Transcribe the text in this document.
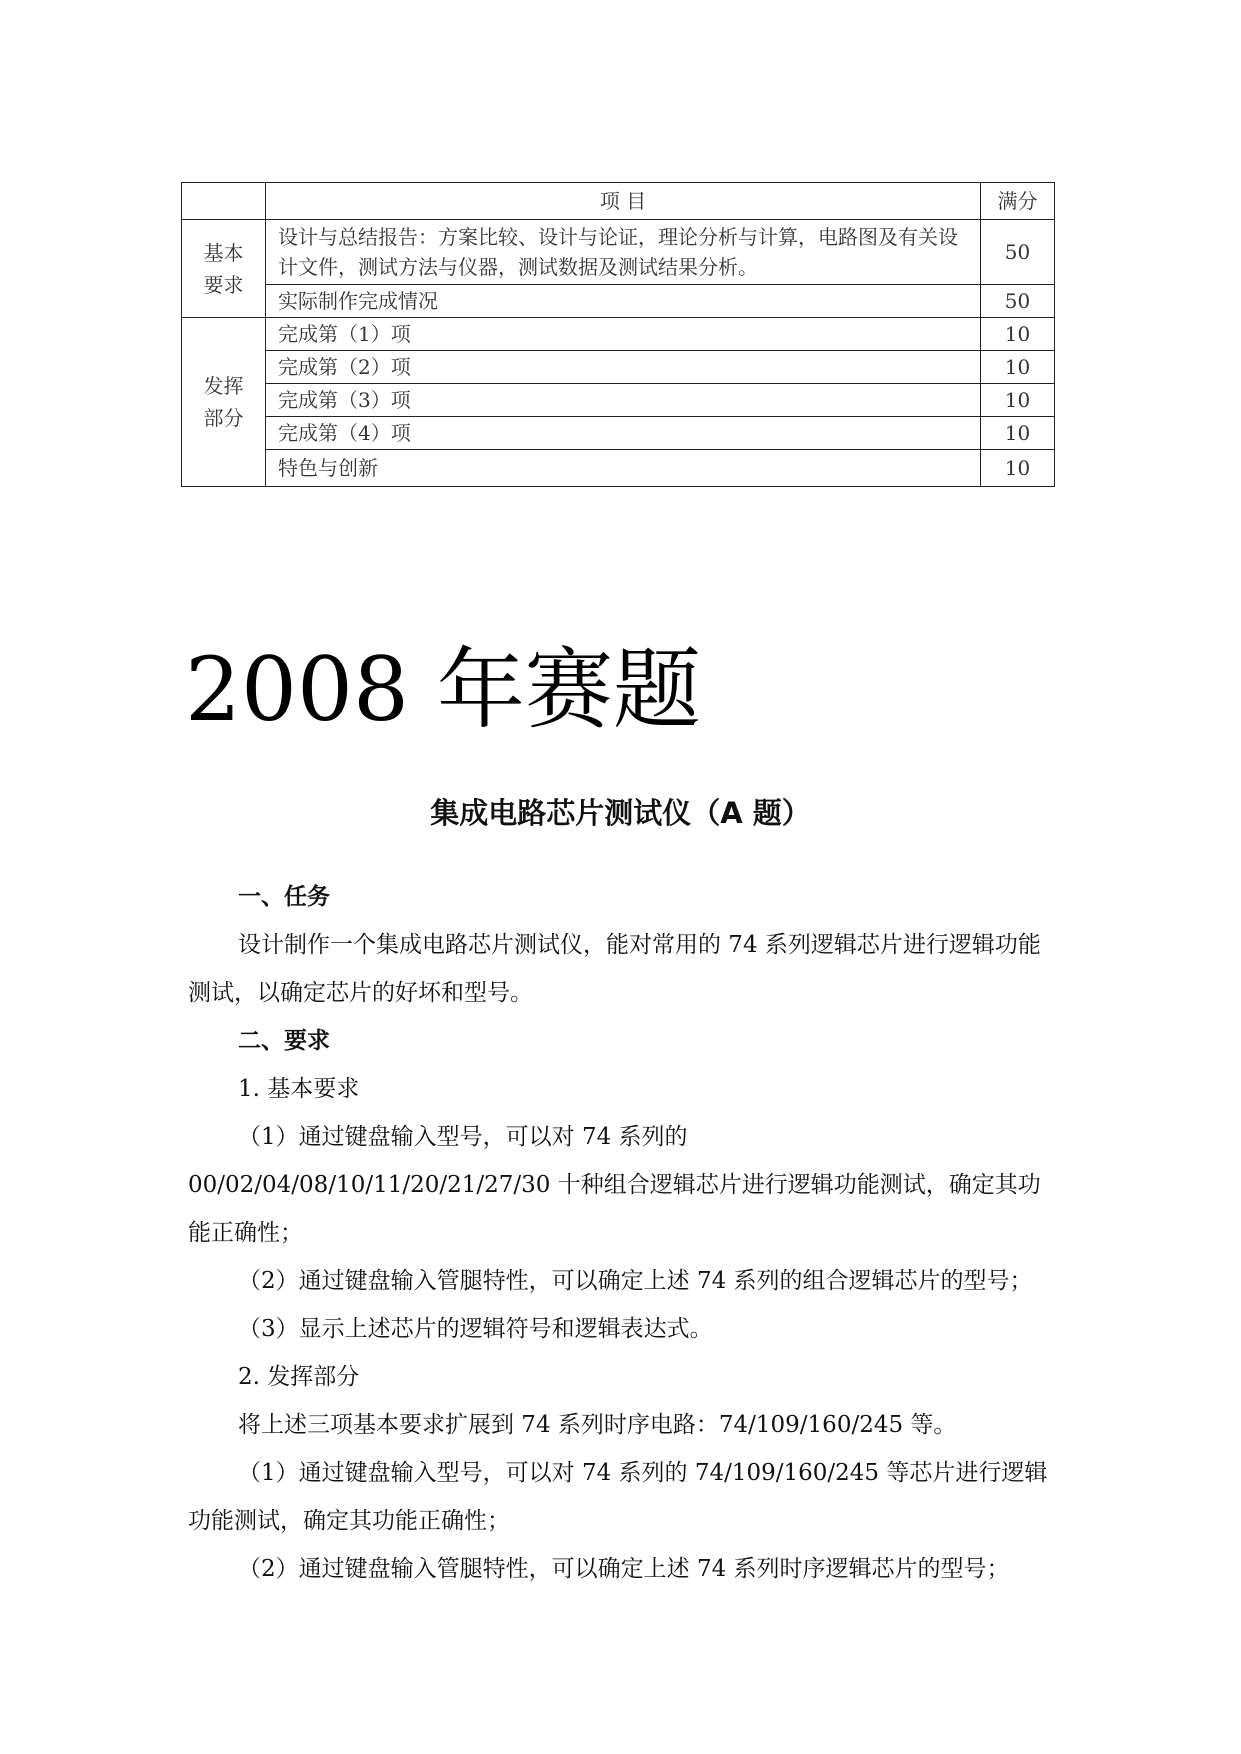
	项 目	满分
基本
要求	设计与总结报告：方案比较、设计与论证，理论分析与计算，电路图及有关设计文件，测试方法与仪器，测试数据及测试结果分析。	50
	实际制作完成情况	50
发挥
部分	完成第（1）项	10
	完成第（2）项	10
	完成第（3）项	10
	完成第（4）项	10
	特色与创新	10
2008 年赛题
集成电路芯片测试仪（A 题）

一、任务

设计制作一个集成电路芯片测试仪，能对常用的 74 系列逻辑芯片进行逻辑功能测试，以确定芯片的好坏和型号。

二、要求

1. 基本要求

（1）通过键盘输入型号，可以对 74 系列的

00/02/04/08/10/11/20/21/27/30 十种组合逻辑芯片进行逻辑功能测试，确定其功能正确性；

（2）通过键盘输入管腿特性，可以确定上述 74 系列的组合逻辑芯片的型号；

（3）显示上述芯片的逻辑符号和逻辑表达式。

2. 发挥部分

将上述三项基本要求扩展到 74 系列时序电路：74/109/160/245 等。

（1）通过键盘输入型号，可以对 74 系列的 74/109/160/245 等芯片进行逻辑功能测试，确定其功能正确性；

（2）通过键盘输入管腿特性，可以确定上述 74 系列时序逻辑芯片的型号；
